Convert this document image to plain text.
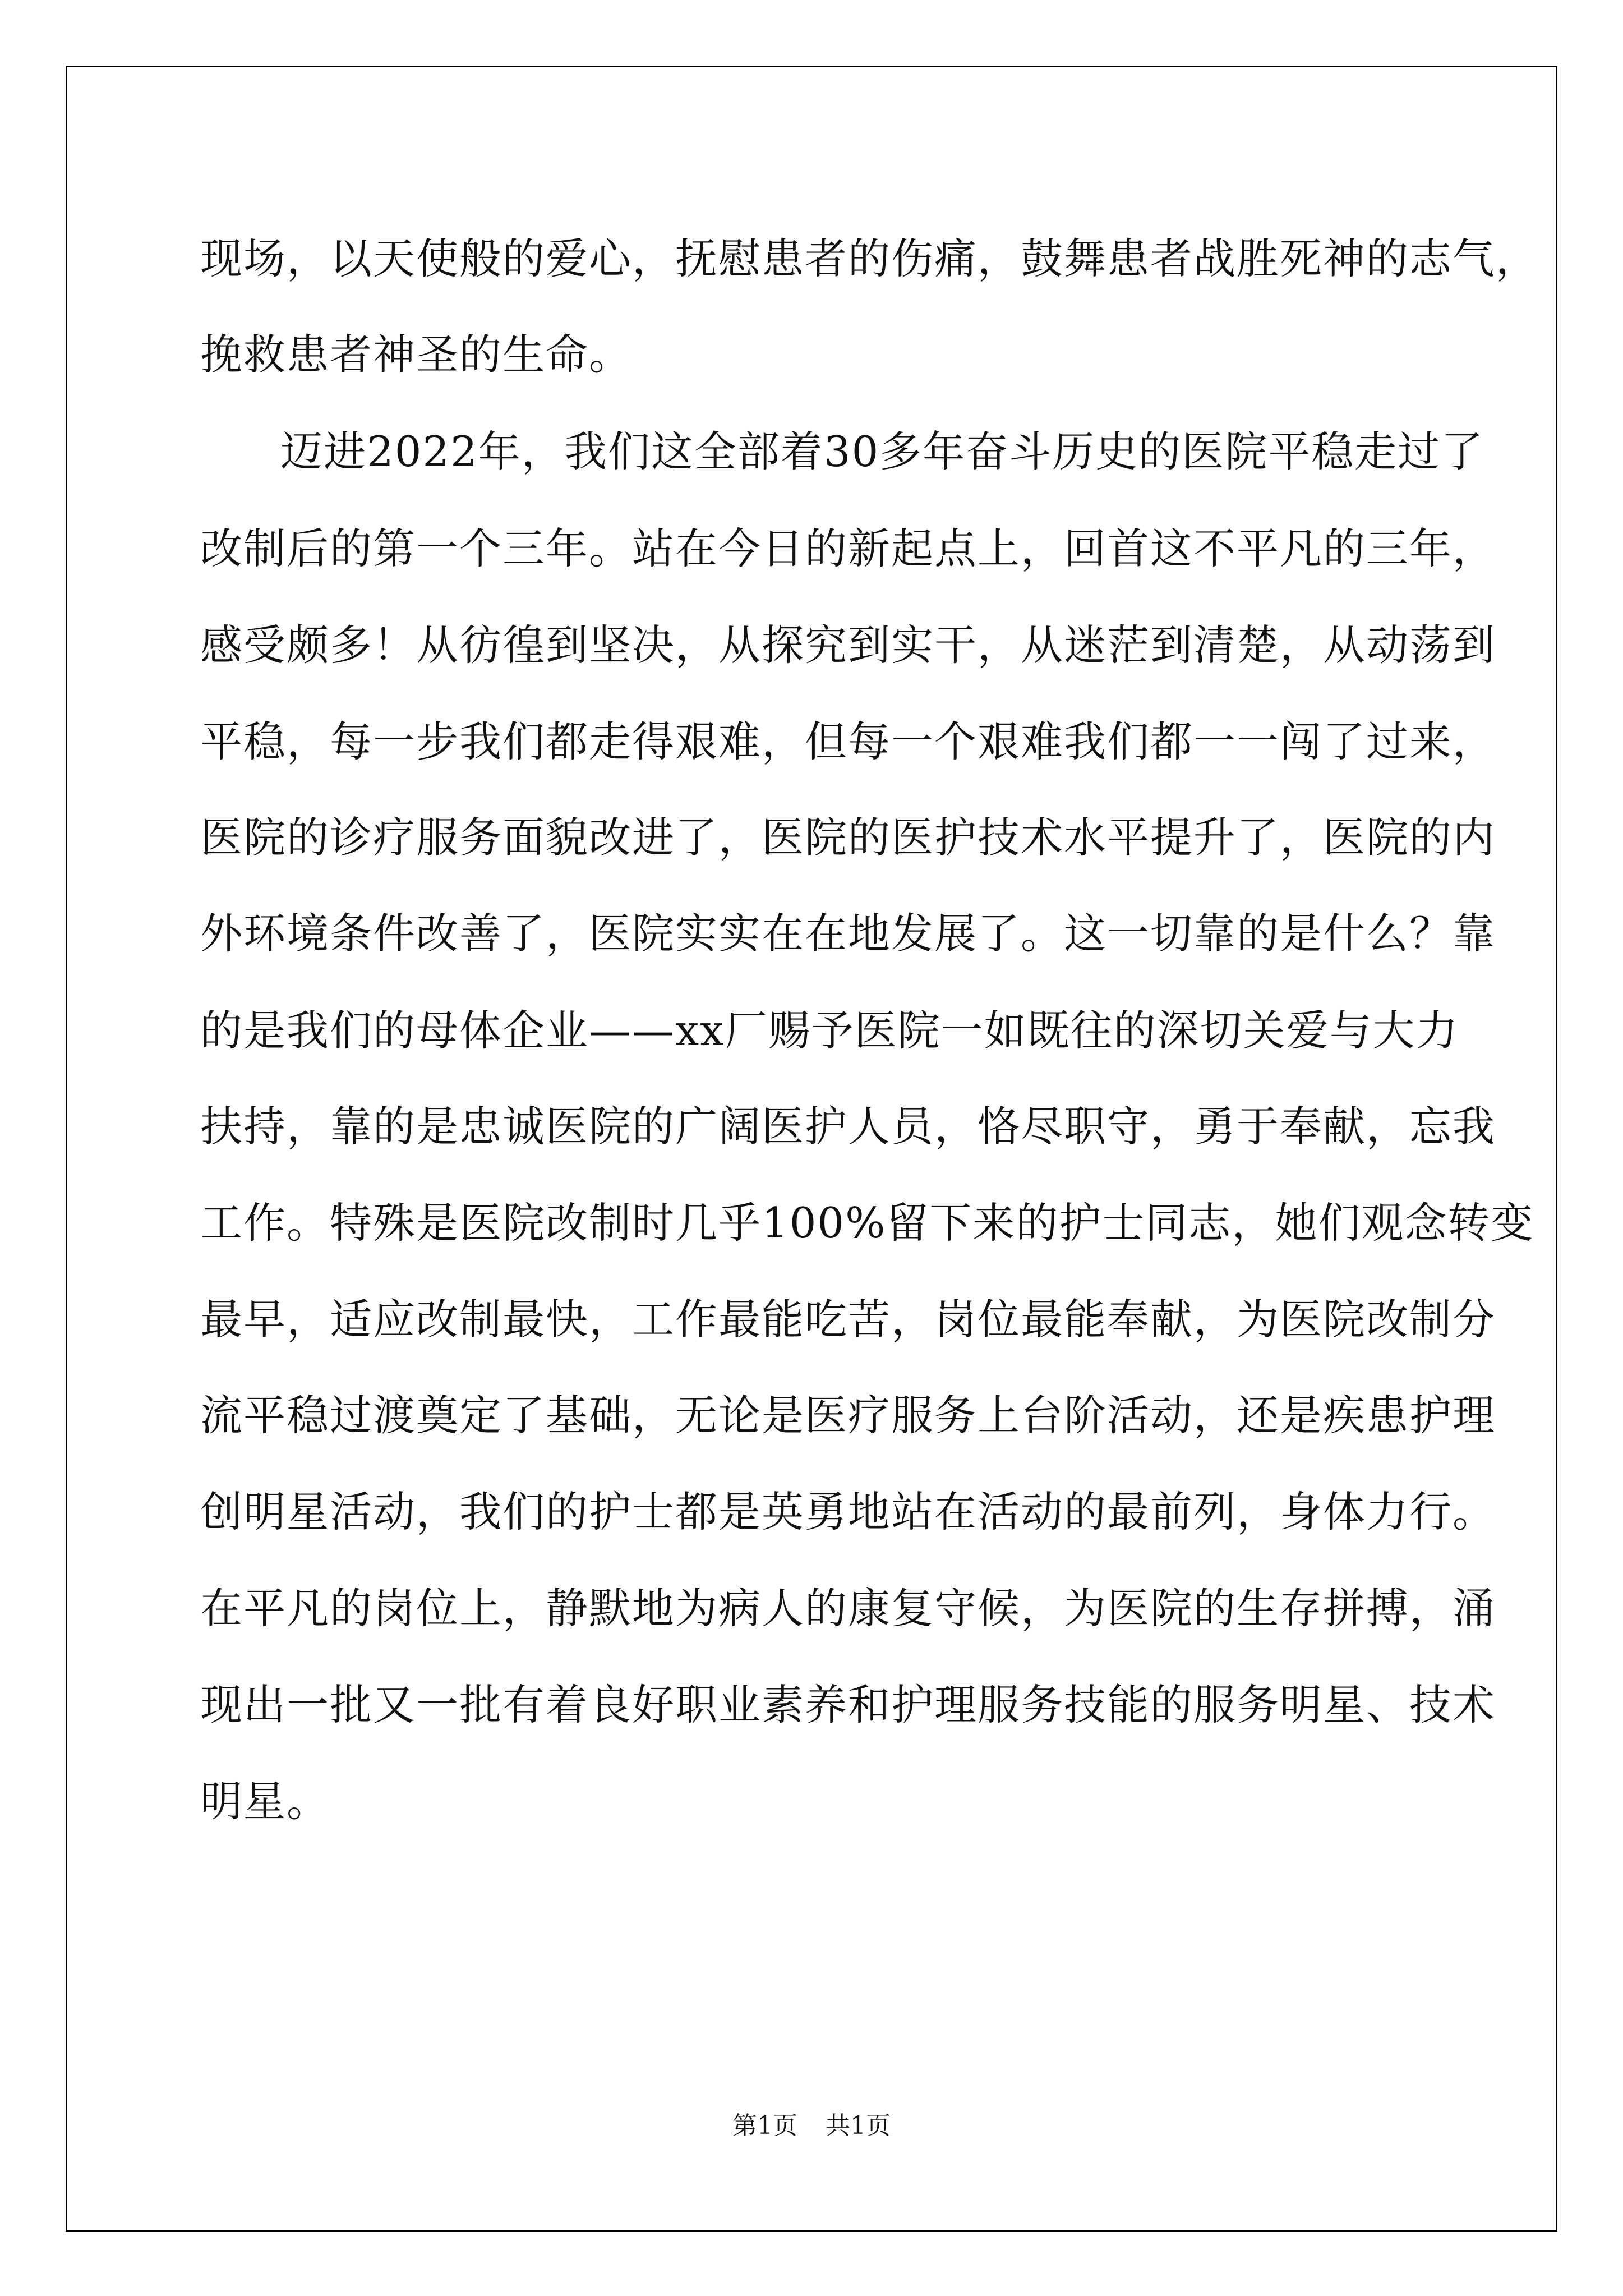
现场，以天使般的爱心，抚慰患者的伤痛，鼓舞患者战胜死神的志气，
挽救患者神圣的生命。
迈进2022年，我们这全部着30多年奋斗历史的医院平稳走过了
改制后的第一个三年。站在今日的新起点上，回首这不平凡的三年，
感受颇多！从彷徨到坚决，从探究到实干，从迷茫到清楚，从动荡到
平稳，每一步我们都走得艰难，但每一个艰难我们都一一闯了过来，
医院的诊疗服务面貌改进了，医院的医护技术水平提升了，医院的内
外环境条件改善了，医院实实在在地发展了。这一切靠的是什么？靠
的是我们的母体企业——xx厂赐予医院一如既往的深切关爱与大力
扶持，靠的是忠诚医院的广阔医护人员，恪尽职守，勇于奉献，忘我
工作。特殊是医院改制时几乎100%留下来的护士同志，她们观念转变
最早，适应改制最快，工作最能吃苦，岗位最能奉献，为医院改制分
流平稳过渡奠定了基础，无论是医疗服务上台阶活动，还是疾患护理
创明星活动，我们的护士都是英勇地站在活动的最前列，身体力行。
在平凡的岗位上，静默地为病人的康复守候，为医院的生存拼搏，涌
现出一批又一批有着良好职业素养和护理服务技能的服务明星、技术
明星。
第1页 共1页
